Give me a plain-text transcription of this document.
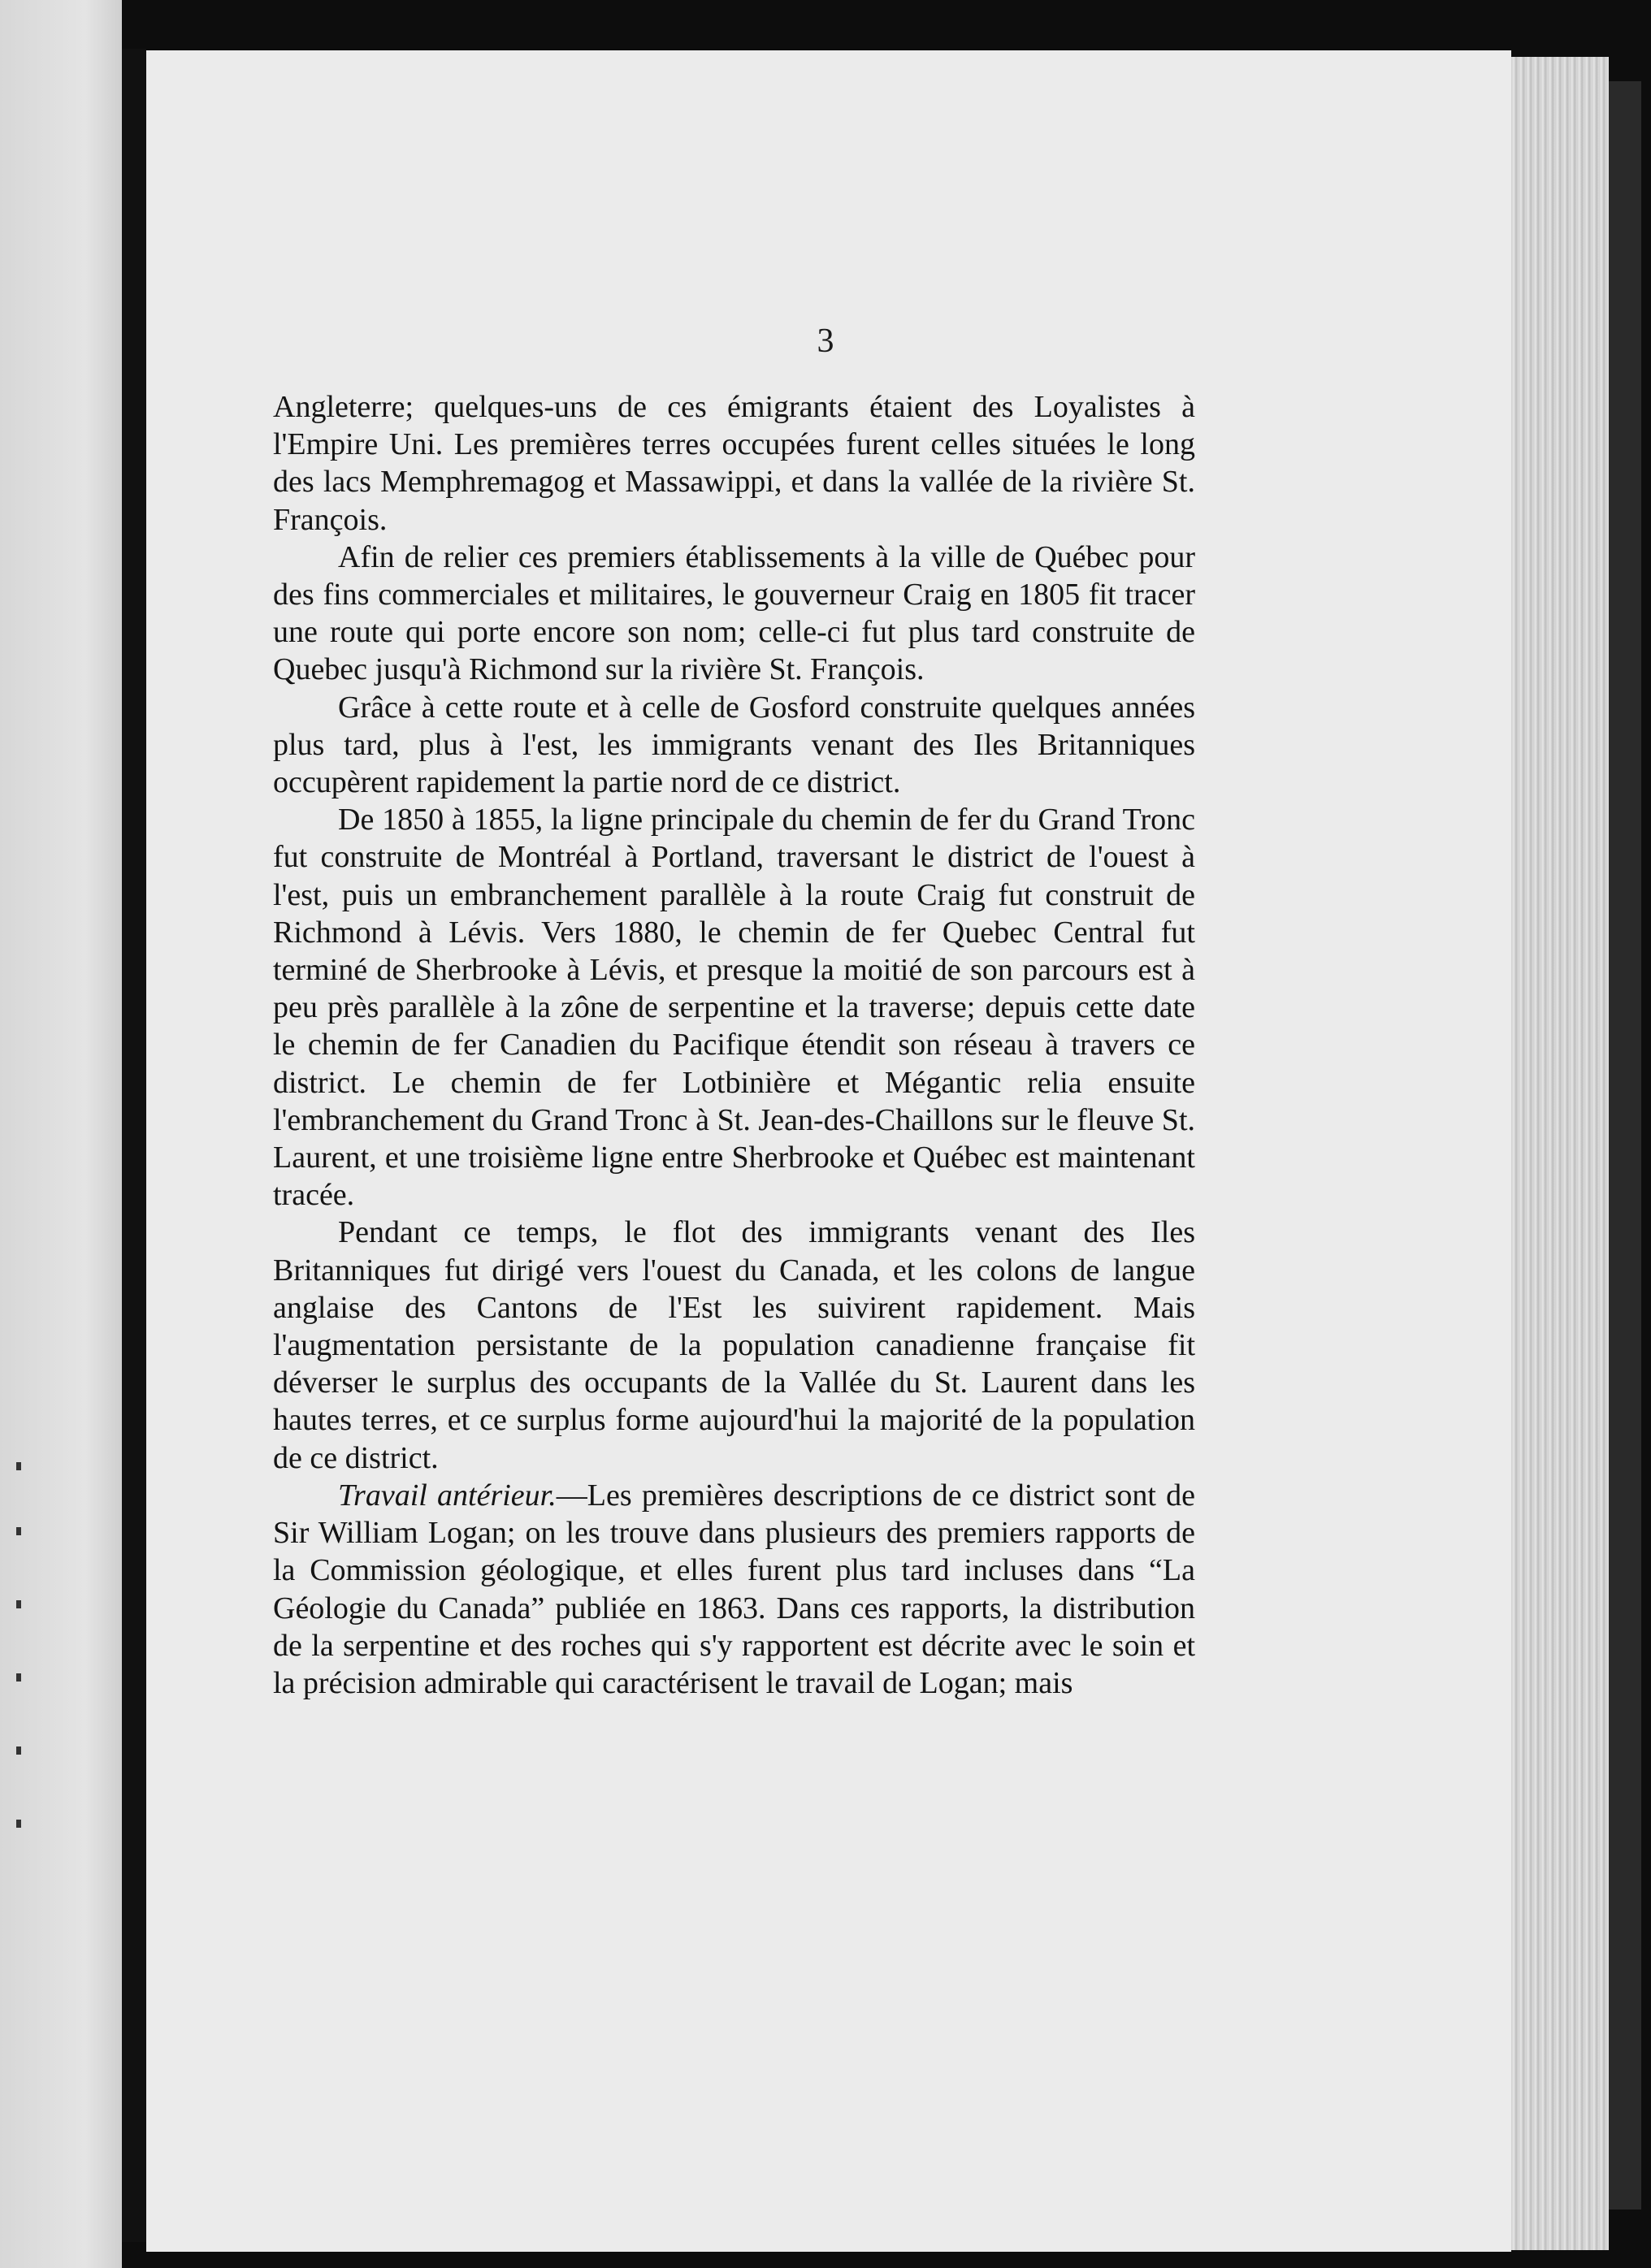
3

Angleterre; quelques-uns de ces émigrants étaient des Loyalistes à l'Empire Uni. Les premières terres occupées furent celles situées le long des lacs Memphremagog et Massawippi, et dans la vallée de la rivière St. François.

Afin de relier ces premiers établissements à la ville de Québec pour des fins commerciales et militaires, le gouverneur Craig en 1805 fit tracer une route qui porte encore son nom; celle-ci fut plus tard construite de Quebec jusqu'à Richmond sur la rivière St. François.

Grâce à cette route et à celle de Gosford construite quelques années plus tard, plus à l'est, les immigrants venant des Iles Britanniques occupèrent rapidement la partie nord de ce district.

De 1850 à 1855, la ligne principale du chemin de fer du Grand Tronc fut construite de Montréal à Portland, traversant le district de l'ouest à l'est, puis un embranchement parallèle à la route Craig fut construit de Richmond à Lévis. Vers 1880, le chemin de fer Quebec Central fut terminé de Sherbrooke à Lévis, et presque la moitié de son parcours est à peu près parallèle à la zône de serpentine et la traverse; depuis cette date le chemin de fer Canadien du Pacifique étendit son réseau à travers ce district. Le chemin de fer Lotbinière et Mégantic relia ensuite l'embranchement du Grand Tronc à St. Jean-des-Chaillons sur le fleuve St. Laurent, et une troisième ligne entre Sherbrooke et Québec est maintenant tracée.

Pendant ce temps, le flot des immigrants venant des Iles Britanniques fut dirigé vers l'ouest du Canada, et les colons de langue anglaise des Cantons de l'Est les suivirent rapidement. Mais l'augmentation persistante de la population canadienne française fit déverser le surplus des occupants de la Vallée du St. Laurent dans les hautes terres, et ce surplus forme aujourd'hui la majorité de la population de ce district.

Travail antérieur.—Les premières descriptions de ce district sont de Sir William Logan; on les trouve dans plusieurs des premiers rapports de la Commission géologique, et elles furent plus tard incluses dans “La Géologie du Canada” publiée en 1863. Dans ces rapports, la distribution de la serpentine et des roches qui s'y rapportent est décrite avec le soin et la précision admirable qui caractérisent le travail de Logan; mais
